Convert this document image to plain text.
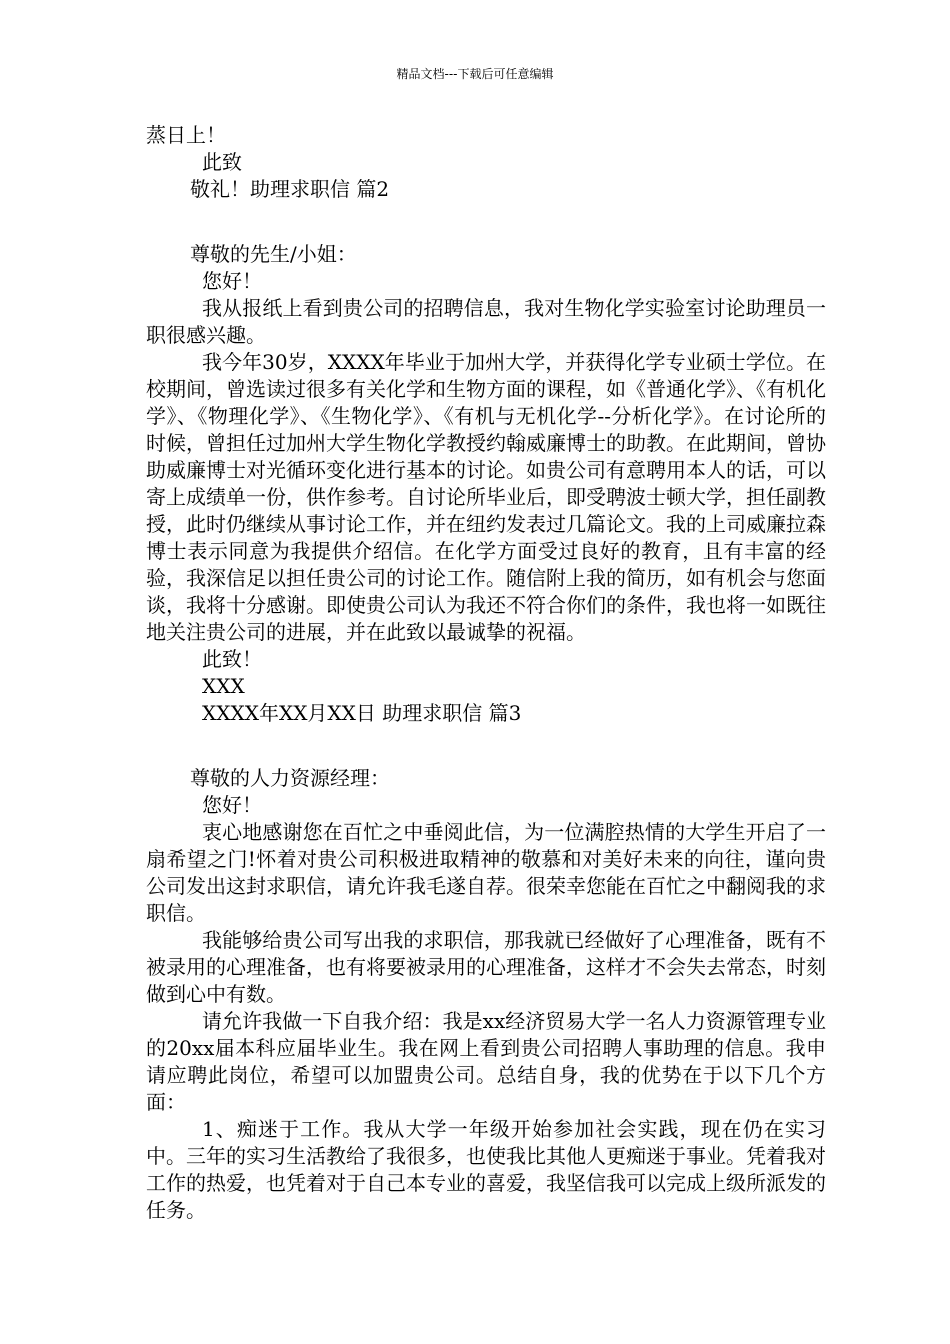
精品文档---下载后可任意编辑
蒸日上！
此致
敬礼！助理求职信 篇2
尊敬的先生/小姐：
您好！

我从报纸上看到贵公司的招聘信息，我对生物化学实验室讨论助理员一职很感兴趣。

我今年30岁，XXXX年毕业于加州大学，并获得化学专业硕士学位。在校期间，曾选读过很多有关化学和生物方面的课程，如《普通化学》、《有机化学》、《物理化学》、《生物化学》、《有机与无机化学--分析化学》。在讨论所的时候，曾担任过加州大学生物化学教授约翰威廉博士的助教。在此期间，曾协助威廉博士对光循环变化进行基本的讨论。如贵公司有意聘用本人的话，可以寄上成绩单一份，供作参考。自讨论所毕业后，即受聘波士顿大学，担任副教授，此时仍继续从事讨论工作，并在纽约发表过几篇论文。我的上司威廉拉森博士表示同意为我提供介绍信。在化学方面受过良好的教育，且有丰富的经验，我深信足以担任贵公司的讨论工作。随信附上我的简历，如有机会与您面谈，我将十分感谢。即使贵公司认为我还不符合你们的条件，我也将一如既往地关注贵公司的进展，并在此致以最诚挚的祝福。

此致！
XXX
XXXX年XX月XX日 助理求职信 篇3
尊敬的人力资源经理：
您好！

衷心地感谢您在百忙之中垂阅此信，为一位满腔热情的大学生开启了一扇希望之门!怀着对贵公司积极进取精神的敬慕和对美好未来的向往，谨向贵公司发出这封求职信，请允许我毛遂自荐。很荣幸您能在百忙之中翻阅我的求职信。

我能够给贵公司写出我的求职信，那我就已经做好了心理准备，既有不被录用的心理准备，也有将要被录用的心理准备，这样才不会失去常态，时刻做到心中有数。

请允许我做一下自我介绍：我是xx经济贸易大学一名人力资源管理专业的20xx届本科应届毕业生。我在网上看到贵公司招聘人事助理的信息。我申请应聘此岗位，希望可以加盟贵公司。总结自身，我的优势在于以下几个方面：

1、痴迷于工作。我从大学一年级开始参加社会实践，现在仍在实习中。三年的实习生活教给了我很多，也使我比其他人更痴迷于事业。凭着我对工作的热爱，也凭着对于自己本专业的喜爱，我坚信我可以完成上级所派发的任务。
